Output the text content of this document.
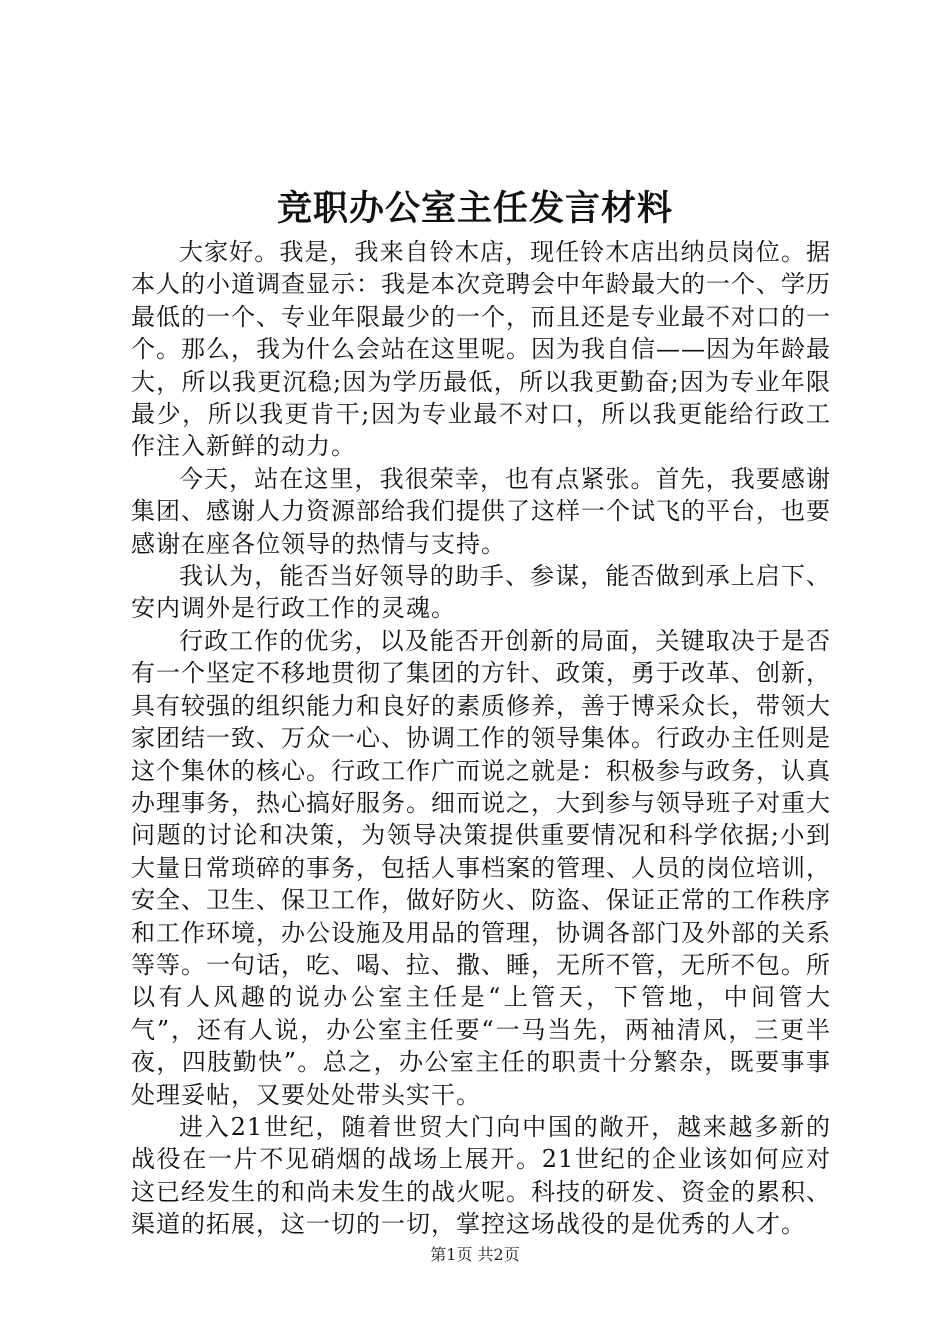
竞职办公室主任发言材料

大家好。我是，我来自铃木店，现任铃木店出纳员岗位。据本人的小道调查显示：我是本次竞聘会中年龄最大的一个、学历最低的一个、专业年限最少的一个，而且还是专业最不对口的一个。那么，我为什么会站在这里呢。因为我自信——因为年龄最大，所以我更沉稳;因为学历最低，所以我更勤奋;因为专业年限最少，所以我更肯干;因为专业最不对口，所以我更能给行政工作注入新鲜的动力。

今天，站在这里，我很荣幸，也有点紧张。首先，我要感谢集团、感谢人力资源部给我们提供了这样一个试飞的平台，也要感谢在座各位领导的热情与支持。

我认为，能否当好领导的助手、参谋，能否做到承上启下、安内调外是行政工作的灵魂。

行政工作的优劣，以及能否开创新的局面，关键取决于是否有一个坚定不移地贯彻了集团的方针、政策，勇于改革、创新，具有较强的组织能力和良好的素质修养，善于博采众长，带领大家团结一致、万众一心、协调工作的领导集体。行政办主任则是这个集休的核心。行政工作广而说之就是：积极参与政务，认真办理事务，热心搞好服务。细而说之，大到参与领导班子对重大问题的讨论和决策，为领导决策提供重要情况和科学依据;小到大量日常琐碎的事务，包括人事档案的管理、人员的岗位培训，安全、卫生、保卫工作，做好防火、防盗、保证正常的工作秩序和工作环境，办公设施及用品的管理，协调各部门及外部的关系等等。一句话，吃、喝、拉、撒、睡，无所不管，无所不包。所以有人风趣的说办公室主任是“上管天，下管地，中间管大气”，还有人说，办公室主任要“一马当先，两袖清风，三更半夜，四肢勤快”。总之，办公室主任的职责十分繁杂，既要事事处理妥帖，又要处处带头实干。

进入21世纪，随着世贸大门向中国的敞开，越来越多新的战役在一片不见硝烟的战场上展开。21世纪的企业该如何应对这已经发生的和尚未发生的战火呢。科技的研发、资金的累积、渠道的拓展，这一切的一切，掌控这场战役的是优秀的人才。

第1页 共2页
